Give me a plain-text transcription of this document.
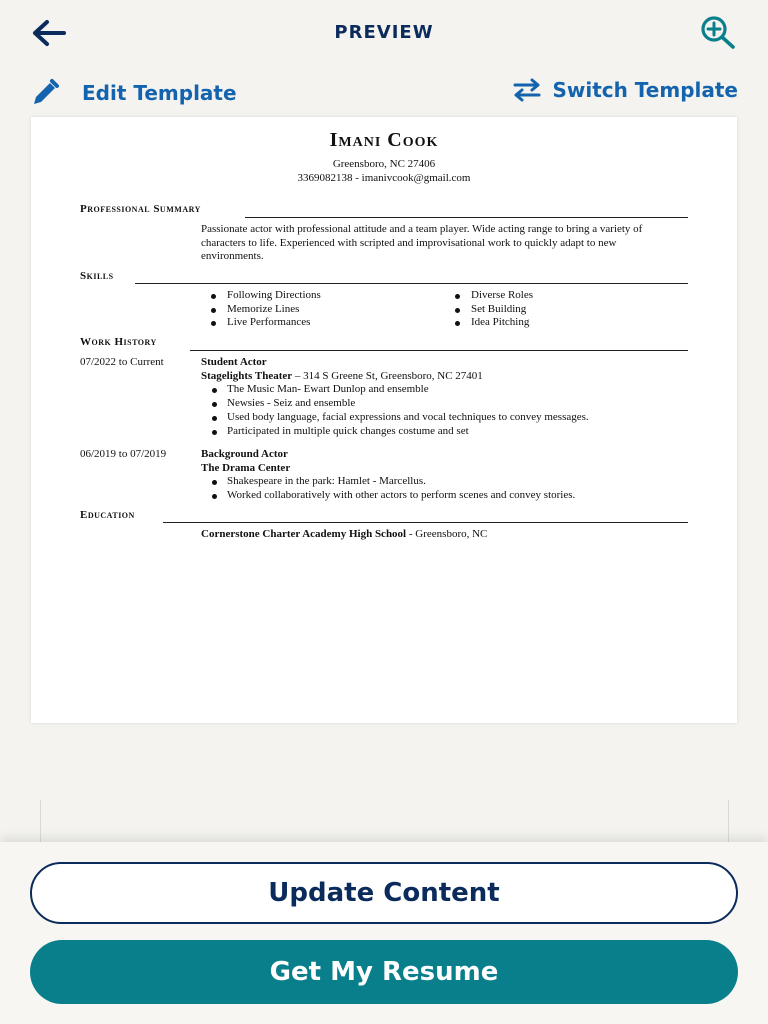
PREVIEW
Edit Template	Switch Template
Imani Cook
Greensboro, NC 27406
3369082138 - imanivcook@gmail.com
Professional Summary
Passionate actor with professional attitude and a team player. Wide acting range to bring a variety of characters to life. Experienced with scripted and improvisational work to quickly adapt to new environments.
Skills
Following Directions
Memorize Lines
Live Performances
Diverse Roles
Set Building
Idea Pitching
Work History
07/2022 to Current	Student Actor
Stagelights Theater – 314 S Greene St, Greensboro, NC 27401
The Music Man- Ewart Dunlop and ensemble
Newsies - Seiz and ensemble
Used body language, facial expressions and vocal techniques to convey messages.
Participated in multiple quick changes costume and set
06/2019 to 07/2019	Background Actor
The Drama Center
Shakespeare in the park: Hamlet - Marcellus.
Worked collaboratively with other actors to perform scenes and convey stories.
Education
Cornerstone Charter Academy High School - Greensboro, NC
Update Content
Get My Resume
